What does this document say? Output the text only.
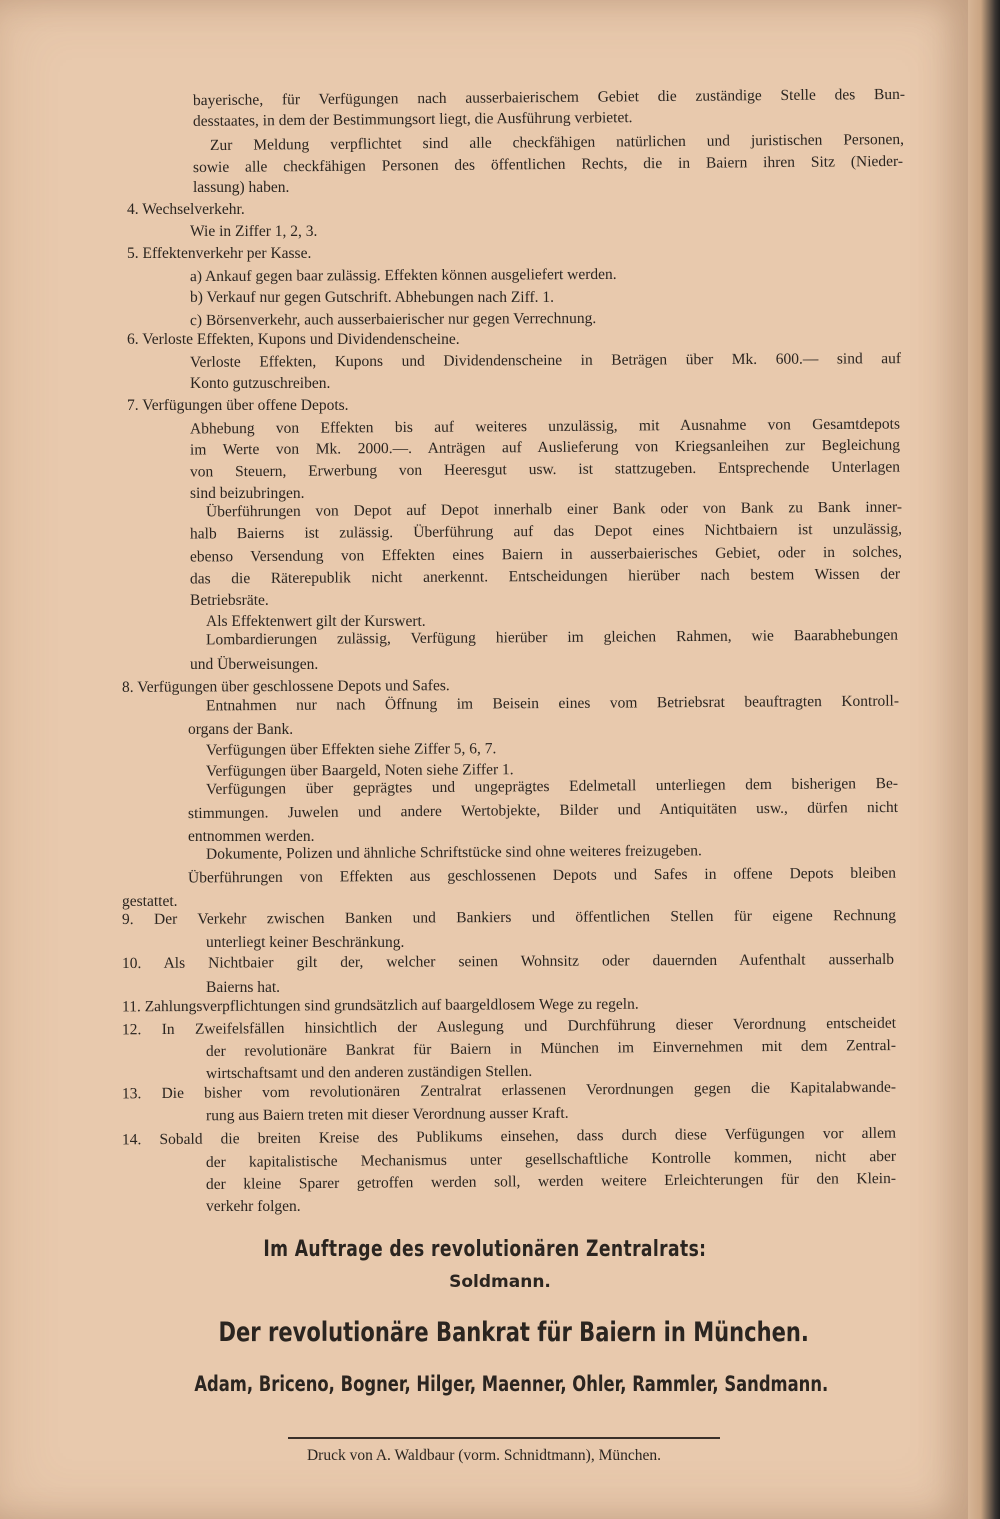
bayerische, für Verfügungen nach ausserbaierischem Gebiet die zuständige Stelle des Bun-
desstaates, in dem der Bestimmungsort liegt, die Ausführung verbietet.
Zur Meldung verpflichtet sind alle checkfähigen natürlichen und juristischen Personen,
sowie alle checkfähigen Personen des öffentlichen Rechts, die in Baiern ihren Sitz (Nieder-
lassung) haben.
4. Wechselverkehr.
Wie in Ziffer 1, 2, 3.
5. Effektenverkehr per Kasse.
a) Ankauf gegen baar zulässig. Effekten können ausgeliefert werden.
b) Verkauf nur gegen Gutschrift. Abhebungen nach Ziff. 1.
c) Börsenverkehr, auch ausserbaierischer nur gegen Verrechnung.
6. Verloste Effekten, Kupons und Dividendenscheine.
Verloste Effekten, Kupons und Dividendenscheine in Beträgen über Mk. 600.— sind auf
Konto gutzuschreiben.
7. Verfügungen über offene Depots.
Abhebung von Effekten bis auf weiteres unzulässig, mit Ausnahme von Gesamtdepots
im Werte von Mk. 2000.—. Anträgen auf Auslieferung von Kriegsanleihen zur Begleichung
von Steuern, Erwerbung von Heeresgut usw. ist stattzugeben. Entsprechende Unterlagen
sind beizubringen.
Überführungen von Depot auf Depot innerhalb einer Bank oder von Bank zu Bank inner-
halb Baierns ist zulässig. Überführung auf das Depot eines Nichtbaiern ist unzulässig,
ebenso Versendung von Effekten eines Baiern in ausserbaierisches Gebiet, oder in solches,
das die Räterepublik nicht anerkennt. Entscheidungen hierüber nach bestem Wissen der
Betriebsräte.
Als Effektenwert gilt der Kurswert.
Lombardierungen zulässig, Verfügung hierüber im gleichen Rahmen, wie Baarabhebungen
und Überweisungen.
8. Verfügungen über geschlossene Depots und Safes.
Entnahmen nur nach Öffnung im Beisein eines vom Betriebsrat beauftragten Kontroll-
organs der Bank.
Verfügungen über Effekten siehe Ziffer 5, 6, 7.
Verfügungen über Baargeld, Noten siehe Ziffer 1.
Verfügungen über geprägtes und ungeprägtes Edelmetall unterliegen dem bisherigen Be-
stimmungen. Juwelen und andere Wertobjekte, Bilder und Antiquitäten usw., dürfen nicht
entnommen werden.
Dokumente, Polizen und ähnliche Schriftstücke sind ohne weiteres freizugeben.
Überführungen von Effekten aus geschlossenen Depots und Safes in offene Depots bleiben
gestattet.
9. Der Verkehr zwischen Banken und Bankiers und öffentlichen Stellen für eigene Rechnung
unterliegt keiner Beschränkung.
10. Als Nichtbaier gilt der, welcher seinen Wohnsitz oder dauernden Aufenthalt ausserhalb
Baierns hat.
11. Zahlungsverpflichtungen sind grundsätzlich auf baargeldlosem Wege zu regeln.
12. In Zweifelsfällen hinsichtlich der Auslegung und Durchführung dieser Verordnung entscheidet
der revolutionäre Bankrat für Baiern in München im Einvernehmen mit dem Zentral-
wirtschaftsamt und den anderen zuständigen Stellen.
13. Die bisher vom revolutionären Zentralrat erlassenen Verordnungen gegen die Kapitalabwande-
rung aus Baiern treten mit dieser Verordnung ausser Kraft.
14. Sobald die breiten Kreise des Publikums einsehen, dass durch diese Verfügungen vor allem
der kapitalistische Mechanismus unter gesellschaftliche Kontrolle kommen, nicht aber
der kleine Sparer getroffen werden soll, werden weitere Erleichterungen für den Klein-
verkehr folgen.
Im Auftrage des revolutionären Zentralrats:
Soldmann.
Der revolutionäre Bankrat für Baiern in München.
Adam, Briceno, Bogner, Hilger, Maenner, Ohler, Rammler, Sandmann.
Druck von A. Waldbaur (vorm. Schnidtmann), München.
